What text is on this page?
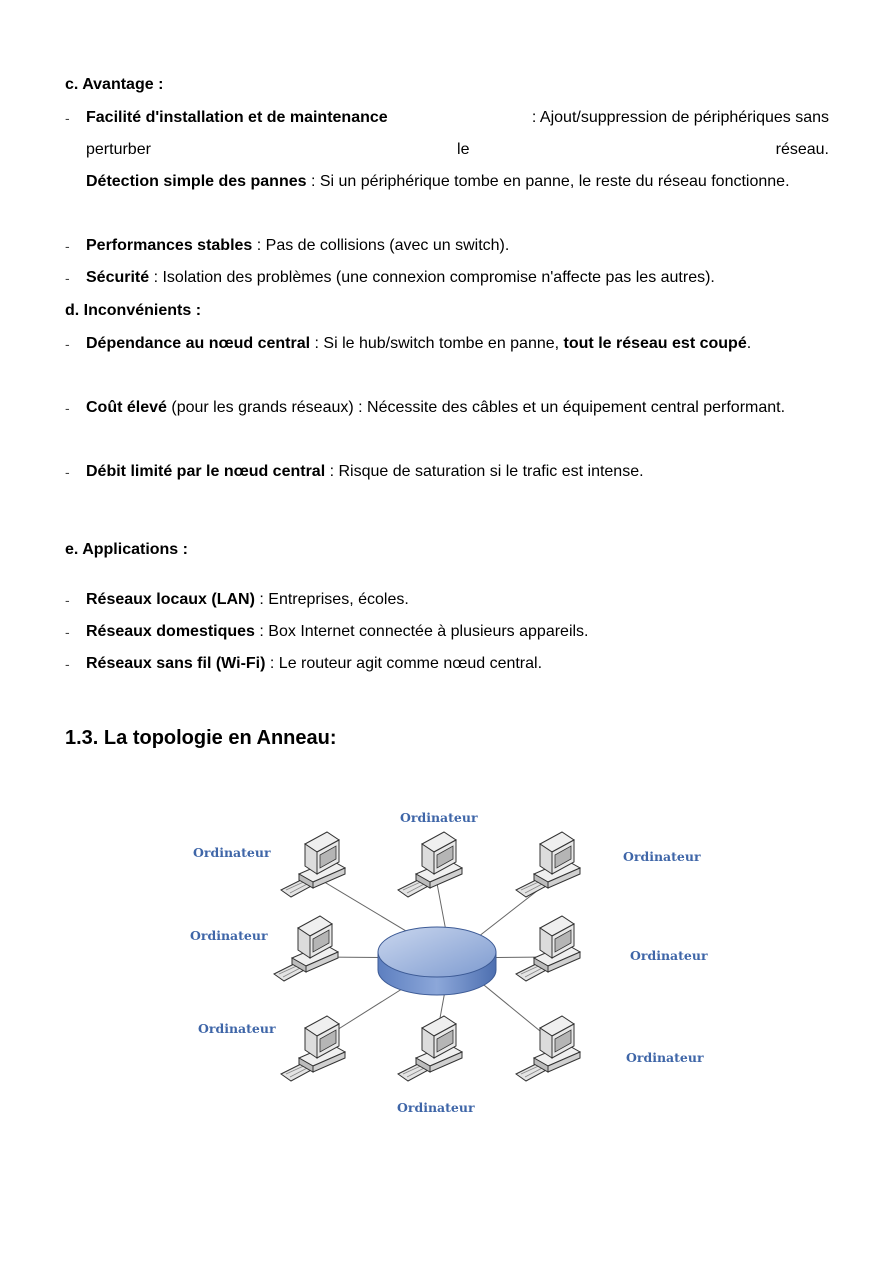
c. Avantage :
- Facilité d'installation et de maintenance	: Ajout/suppression de périphériques sans
perturber	le	réseau.
Détection simple des pannes : Si un périphérique tombe en panne, le reste du réseau fonctionne.
- Performances stables : Pas de collisions (avec un switch).
- Sécurité : Isolation des problèmes (une connexion compromise n'affecte pas les autres).
d. Inconvénients :
- Dépendance au nœud central : Si le hub/switch tombe en panne, tout le réseau est coupé.
- Coût élevé (pour les grands réseaux) : Nécessite des câbles et un équipement central performant.
- Débit limité par le nœud central : Risque de saturation si le trafic est intense.
e. Applications :
- Réseaux locaux (LAN) : Entreprises, écoles.
- Réseaux domestiques : Box Internet connectée à plusieurs appareils.
- Réseaux sans fil (Wi-Fi) : Le routeur agit comme nœud central.
1.3. La topologie en Anneau:
Ordinateur
Ordinateur	Ordinateur
Ordinateur
Ordinateur
Ordinateur
Ordinateur
Ordinateur
